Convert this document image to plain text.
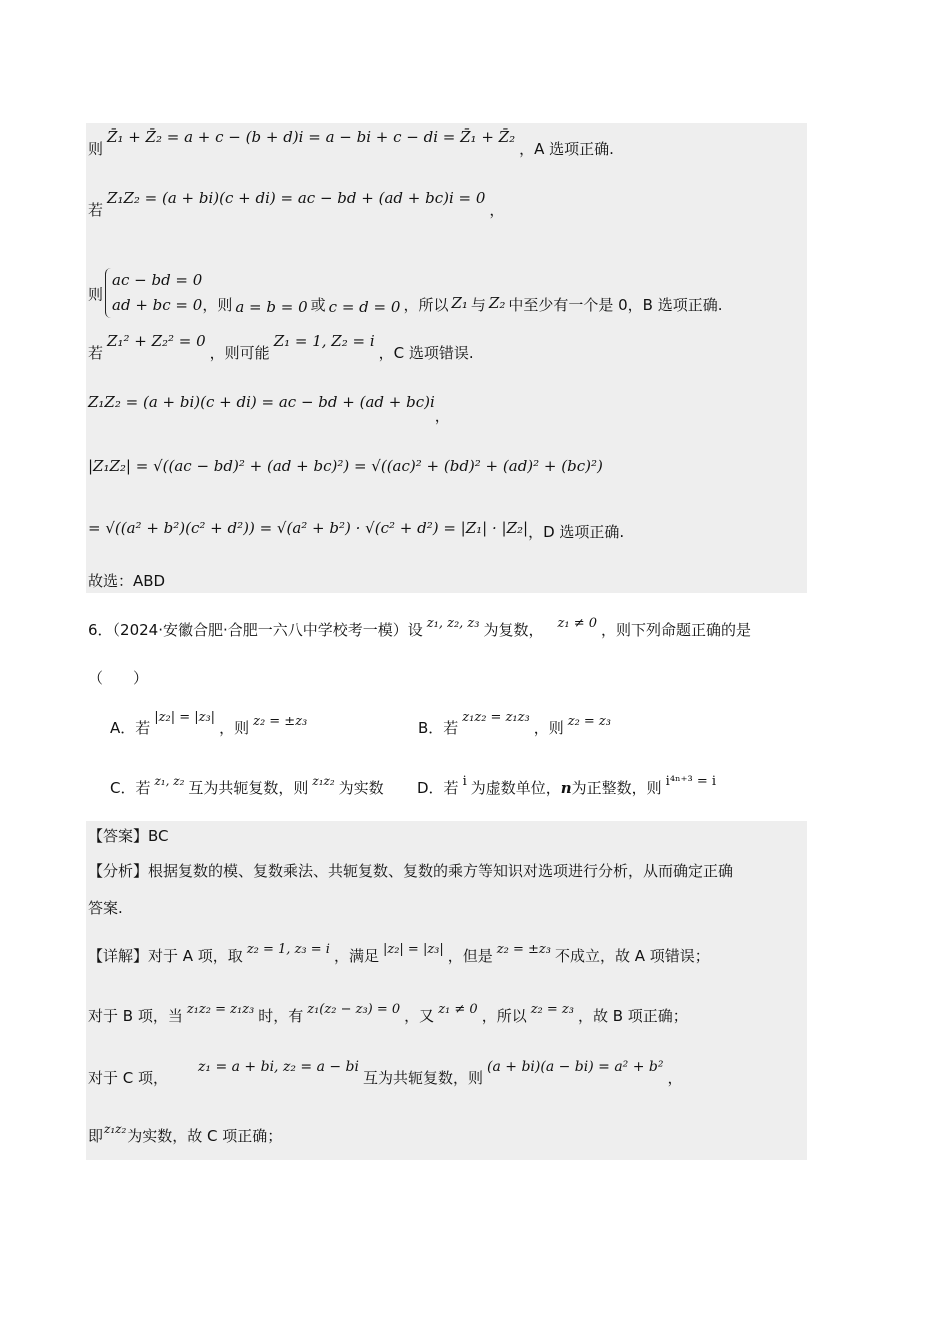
则Z̄₁ + Z̄₂ = a + c − (b + d)i = a − bi + c − di = Z̄₁ + Z̄₂，A 选项正确.
若Z₁Z₂ = (a + bi)(c + di) = ac − bd + (ad + bc)i = 0，
则
ac − bd = 0
ad + bc = 0 ，则 a = b = 0 或 c = d = 0 ，所以 Z₁ 与 Z₂ 中至少有一个是 0，B 选项正确.
若Z₁² + Z₂² = 0，则可能Z₁ = 1, Z₂ = i，C 选项错误.
Z₁Z₂ = (a + bi)(c + di) = ac − bd + (ad + bc)i，
|Z₁Z₂| = √((ac − bd)² + (ad + bc)²) = √((ac)² + (bd)² + (ad)² + (bc)²)
= √((a² + b²)(c² + d²)) = √(a² + b²) · √(c² + d²) = |Z₁| · |Z₂|，D 选项正确.
故选：ABD
6．（2024·安徽合肥·合肥一六八中学校考一模）设 z₁, z₂, z₃ 为复数， z₁ ≠ 0 ，则下列命题正确的是
（　　）
A．若|z₂| = |z₃|，则 z₂ = ±z₃	B．若z₁z₂ = z₁z₃，则 z₂ = z₃
C．若 $^{z_1, z_2}$ 互为共轭复数，则 $^{z_1z_2}$ 为实数 D．若 i 为虚数单位，n为正整数，则 i⁴ⁿ⁺³ = i
【答案】BC
【分析】根据复数的模、复数乘法、共轭复数、复数的乘方等知识对选项进行分析，从而确定正确
答案.
【详解】对于 A 项，取 z₂ = 1, z₃ = i ，满足 |z₂| = |z₃| ，但是 z₂ = ±z₃ 不成立，故 A 项错误；
对于 B 项，当 z₁z₂ = z₁z₃ 时，有 z₁(z₂ − z₃) = 0 ，又 z₁ ≠ 0 ，所以 z₂ = z₃ ，故 B 项正确；
对于 C 项，z₁ = a + bi, z₂ = a − bi互为共轭复数，则(a + bi)(a − bi) = a² + b²，
即$^{z_1z_2}$为实数，故 C 项正确；
